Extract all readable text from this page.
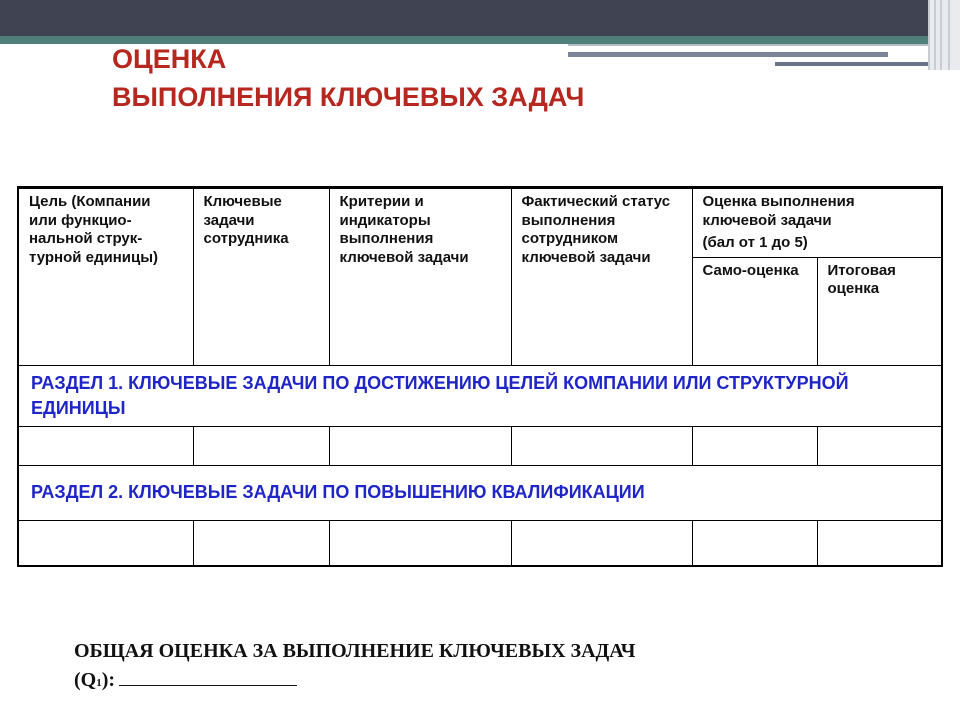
ОЦЕНКА
ВЫПОЛНЕНИЯ КЛЮЧЕВЫХ ЗАДАЧ
Цель (Компании или функцио-нальной струк-турной единицы)	Ключевые задачи сотрудника	Критерии и индикаторы выполнения ключевой задачи	Фактический статус выполнения сотрудником ключевой задачи	Оценка выполнения ключевой задачи
(бал от 1 до 5)	

				Само-оценка	Итоговая оценка
РАЗДЕЛ 1. КЛЮЧЕВЫЕ ЗАДАЧИ ПО ДОСТИЖЕНИЮ ЦЕЛЕЙ КОМПАНИИ ИЛИ СТРУКТУРНОЙ ЕДИНИЦЫ					

РАЗДЕЛ 2. КЛЮЧЕВЫЕ ЗАДАЧИ ПО ПОВЫШЕНИЮ КВАЛИФИКАЦИИ					

ОБЩАЯ ОЦЕНКА ЗА ВЫПОЛНЕНИЕ КЛЮЧЕВЫХ ЗАДАЧ
(Q 1 ):
